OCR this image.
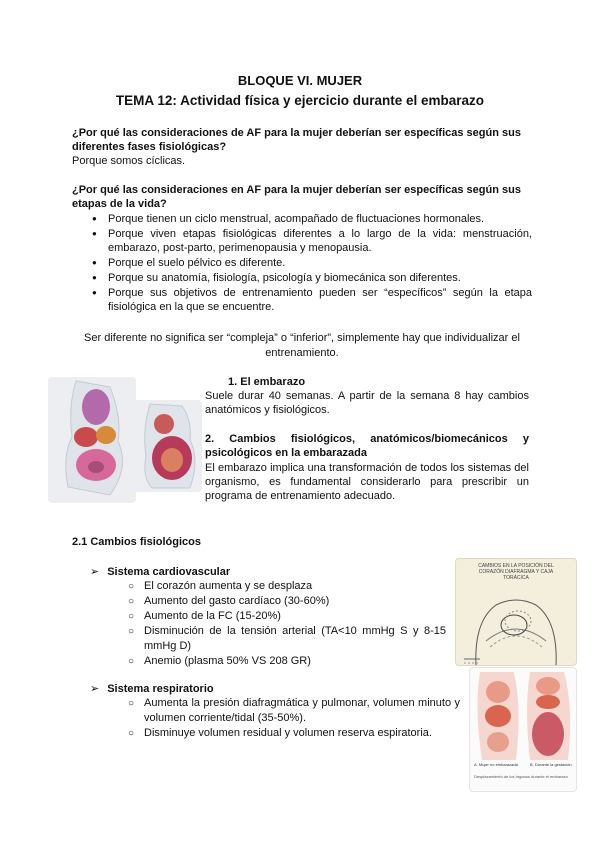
BLOQUE VI. MUJER
TEMA 12: Actividad física y ejercicio durante el embarazo
¿Por qué las consideraciones de AF para la mujer deberían ser específicas según sus diferentes fases fisiológicas?
Porque somos cíclicas.
¿Por qué las consideraciones en AF para la mujer deberían ser específicas según sus etapas de la vida?
● Porque tienen un ciclo menstrual, acompañado de fluctuaciones hormonales.
● Porque viven etapas fisiológicas diferentes a lo largo de la vida: menstruación, embarazo, post-parto, perimenopausia y menopausia.
● Porque el suelo pélvico es diferente.
● Porque su anatomía, fisiología, psicología y biomecánica son diferentes.
● Porque sus objetivos de entrenamiento pueden ser “específicos” según la etapa fisiológica en la que se encuentre.
Ser diferente no significa ser “compleja” o “inferior”, simplemente hay que individualizar el entrenamiento.
1. El embarazo
Suele durar 40 semanas. A partir de la semana 8 hay cambios anatómicos y fisiológicos.
2. Cambios fisiológicos, anatómicos/biomecánicos y psicológicos en la embarazada
El embarazo implica una transformación de todos los sistemas del organismo, es fundamental considerarlo para prescribir un programa de entrenamiento adecuado.
2.1 Cambios fisiológicos
➢ Sistema cardiovascular
○ El corazón aumenta y se desplaza
○ Aumento del gasto cardíaco (30-60%)
○ Aumento de la FC (15-20%)
○ Disminución de la tensión arterial (TA<10 mmHg S y 8-15 mmHg D)
○ Anemio (plasma 50% VS 208 GR)
CAMBIOS EN LA POSICIÓN DEL CORAZÓN DIAFRAGMA Y CAJA TORÁCICA
➢ Sistema respiratorio
○ Aumenta la presión diafragmática y pulmonar, volumen minuto y volumen corriente/tidal (35-50%).
○ Disminuye volumen residual y volumen reserva espiratoria.
A. Mujer no embarazada	B. Durante la gestación
Desplazamiento de los órganos durante el embarazo
